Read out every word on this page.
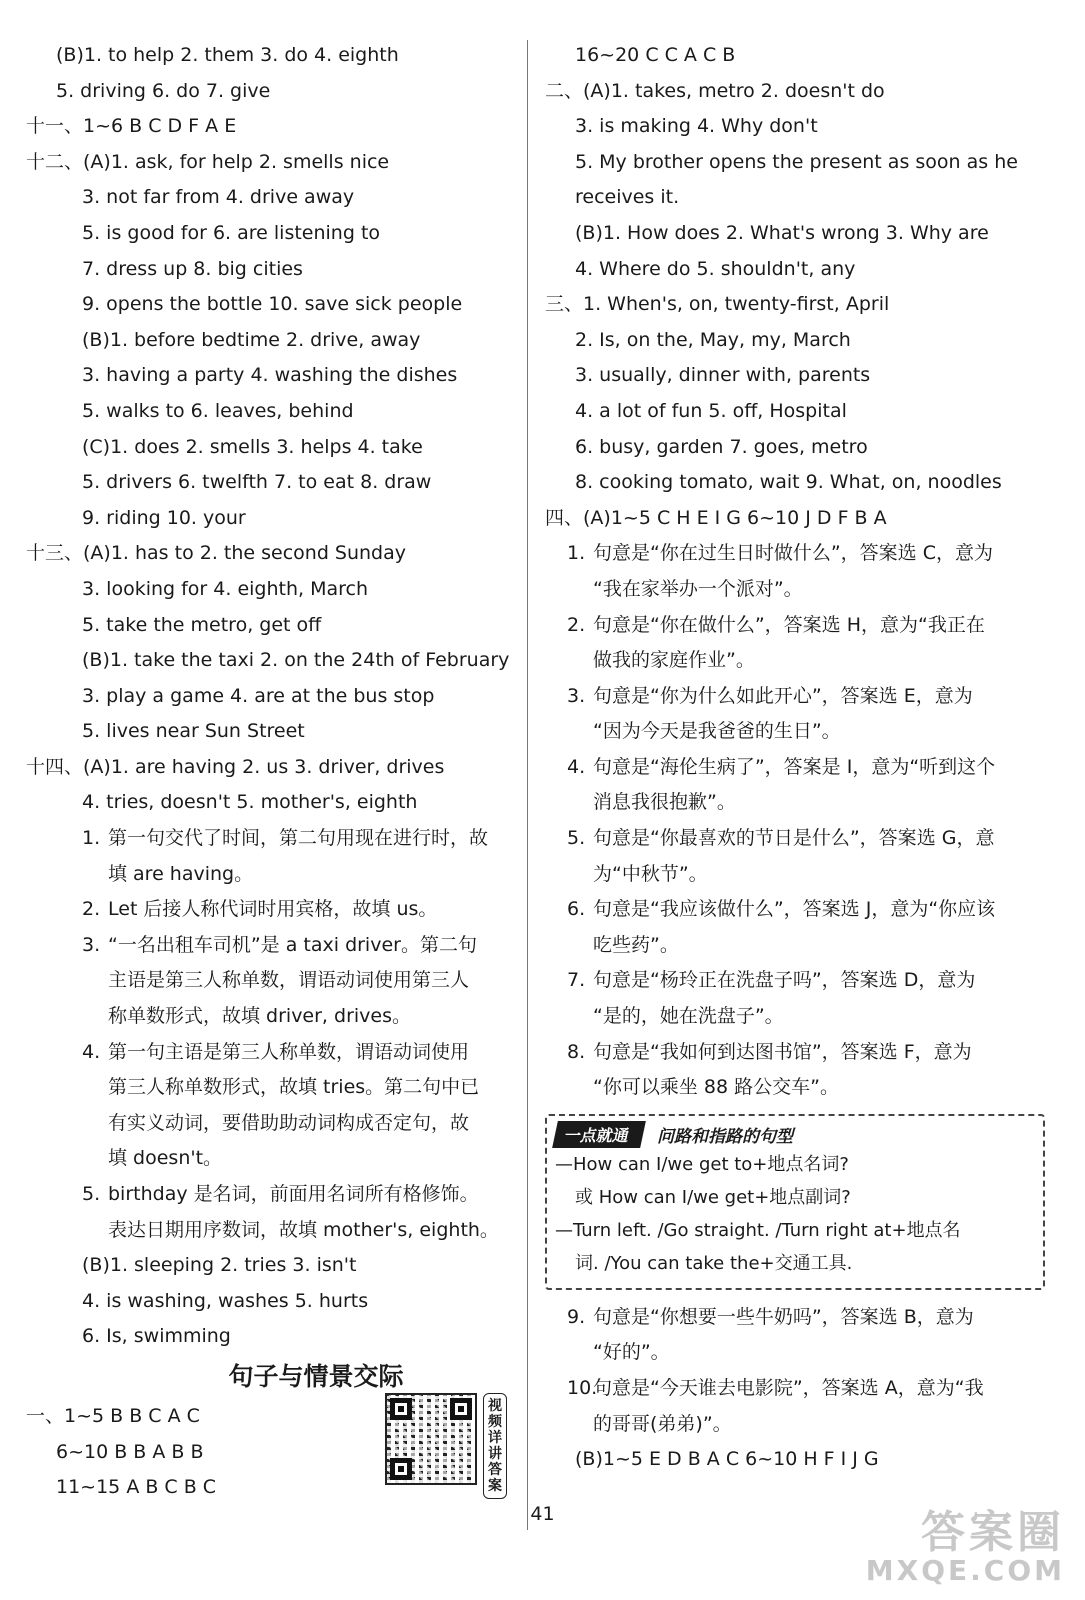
(B)1. to help 2. them 3. do 4. eighth
5. driving 6. do 7. give
十一、1~6 B C D F A E
十二、(A)1. ask, for help 2. smells nice
3. not far from 4. drive away
5. is good for 6. are listening to
7. dress up 8. big cities
9. opens the bottle 10. save sick people
(B)1. before bedtime 2. drive, away
3. having a party 4. washing the dishes
5. walks to 6. leaves, behind
(C)1. does 2. smells 3. helps 4. take
5. drivers 6. twelfth 7. to eat 8. draw
9. riding 10. your
十三、(A)1. has to 2. the second Sunday
3. looking for 4. eighth, March
5. take the metro, get off
(B)1. take the taxi 2. on the 24th of February
3. play a game 4. are at the bus stop
5. lives near Sun Street
十四、(A)1. are having 2. us 3. driver, drives
4. tries, doesn't 5. mother's, eighth
1. 第一句交代了时间，第二句用现在进行时，故
填 are having。
2. Let 后接人称代词时用宾格，故填 us。
3. “一名出租车司机”是 a taxi driver。第二句
主语是第三人称单数，谓语动词使用第三人
称单数形式，故填 driver, drives。
4. 第一句主语是第三人称单数，谓语动词使用
第三人称单数形式，故填 tries。第二句中已
有实义动词，要借助助动词构成否定句，故
填 doesn't。
5. birthday 是名词，前面用名词所有格修饰。
表达日期用序数词，故填 mother's, eighth。
(B)1. sleeping 2. tries 3. isn't
4. is washing, washes 5. hurts
6. Is, swimming
句子与情景交际
一、1~5 B B C A C
6~10 B B A B B
11~15 A B C B C
视频详讲答案
16~20 C C A C B
二、(A)1. takes, metro 2. doesn't do
3. is making 4. Why don't
5. My brother opens the present as soon as he
receives it.
(B)1. How does 2. What's wrong 3. Why are
4. Where do 5. shouldn't, any
三、1. When's, on, twenty-first, April
2. Is, on the, May, my, March
3. usually, dinner with, parents
4. a lot of fun 5. off, Hospital
6. busy, garden 7. goes, metro
8. cooking tomato, wait 9. What, on, noodles
四、(A)1~5 C H E I G 6~10 J D F B A
1. 句意是“你在过生日时做什么”，答案选 C，意为
“我在家举办一个派对”。
2. 句意是“你在做什么”，答案选 H，意为“我正在
做我的家庭作业”。
3. 句意是“你为什么如此开心”，答案选 E，意为
“因为今天是我爸爸的生日”。
4. 句意是“海伦生病了”，答案是 I，意为“听到这个
消息我很抱歉”。
5. 句意是“你最喜欢的节日是什么”，答案选 G，意
为“中秋节”。
6. 句意是“我应该做什么”，答案选 J，意为“你应该
吃些药”。
7. 句意是“杨玲正在洗盘子吗”，答案选 D，意为
“是的，她在洗盘子”。
8. 句意是“我如何到达图书馆”，答案选 F，意为
“你可以乘坐 88 路公交车”。
一点就通	问路和指路的句型
—How can I/we get to+地点名词?
或 How can I/we get+地点副词?
—Turn left. /Go straight. /Turn right at+地点名
词. /You can take the+交通工具.
9. 句意是“你想要一些牛奶吗”，答案选 B，意为
“好的”。
10.句意是“今天谁去电影院”，答案选 A，意为“我
的哥哥(弟弟)”。
(B)1~5 E D B A C 6~10 H F I J G
41	答案圈
MXQE.COM
